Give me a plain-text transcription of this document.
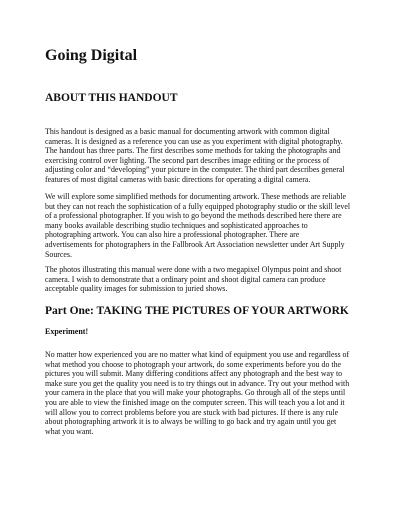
Going Digital
ABOUT THIS HANDOUT

This handout is designed as a basic manual for documenting artwork with common digital
cameras. It is designed as a reference you can use as you experiment with digital photography.
The handout has three parts. The first describes some methods for taking the photographs and
exercising control over lighting. The second part describes image editing or the process of
adjusting color and “developing” your picture in the computer. The third part describes general
features of most digital cameras with basic directions for operating a digital camera.

We will explore some simplified methods for documenting artwork. These methods are reliable
but they can not reach the sophistication of a fully equipped photography studio or the skill level
of a professional photographer. If you wish to go beyond the methods described here there are
many books available describing studio techniques and sophisticated approaches to
photographing artwork. You can also hire a professional photographer. There are
advertisements for photographers in the Fallbrook Art Association newsletter under Art Supply
Sources.

The photos illustrating this manual were done with a two megapixel Olympus point and shoot
camera. I wish to demonstrate that a ordinary point and shoot digital camera can produce
acceptable quality images for submission to juried shows.

Part One: TAKING THE PICTURES OF YOUR ARTWORK
Experiment!

No matter how experienced you are no matter what kind of equipment you use and regardless of
what method you choose to photograph your artwork, do some experiments before you do the
pictures you will submit. Many differing conditions affect any photograph and the best way to
make sure you get the quality you need is to try things out in advance. Try out your method with
your camera in the place that you will make your photographs. Go through all of the steps until
you are able to view the finished image on the computer screen. This will teach you a lot and it
will allow you to correct problems before you are stuck with bad pictures. If there is any rule
about photographing artwork it is to always be willing to go back and try again until you get
what you want.
